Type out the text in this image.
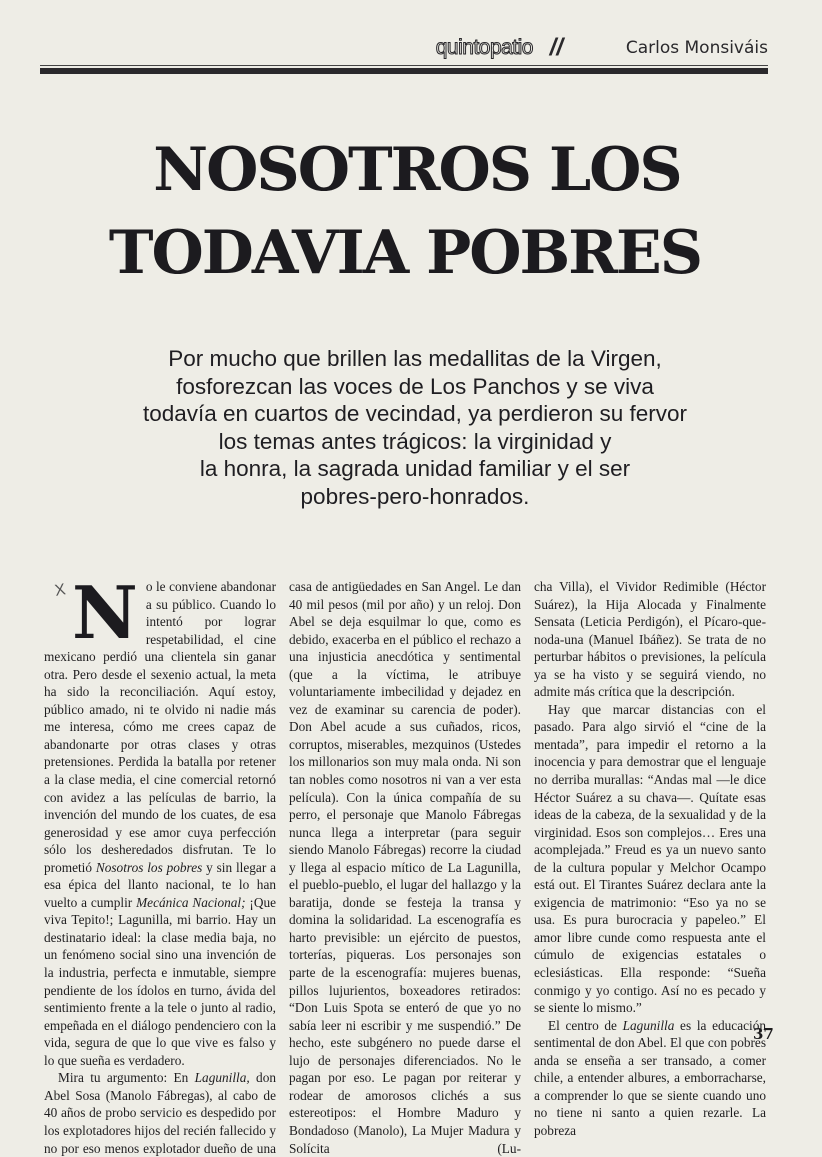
quintopatio //	Carlos Monsiváis
NOSOTROS LOS
TODAVIA POBRES
Por mucho que brillen las medallitas de la Virgen,
fosforezcan las voces de Los Panchos y se viva
todavía en cuartos de vecindad, ya perdieron su fervor
los temas antes trágicos: la virginidad y
la honra, la sagrada unidad familiar y el ser
pobres-pero-honrados.
X N o le conviene abandonar a su público. Cuando lo intentó por lograr respetabilidad, el cine mexicano perdió una clientela sin ganar otra. Pero desde el sexenio actual, la meta ha sido la reconciliación. Aquí estoy, público amado, ni te olvido ni nadie más me interesa, cómo me crees capaz de abandonarte por otras clases y otras pretensiones. Perdida la batalla por retener a la clase media, el cine comercial retornó con avidez a las películas de barrio, la invención del mundo de los cuates, de esa generosidad y ese amor cuya perfección sólo los desheredados disfrutan. Te lo prometió Nosotros los pobres y sin llegar a esa épica del llanto nacional, te lo han vuelto a cumplir Mecánica Nacional; ¡Que viva Tepito!; Lagunilla, mi barrio. Hay un destinatario ideal: la clase media baja, no un fenómeno social sino una invención de la industria, perfecta e inmutable, siempre pendiente de los ídolos en turno, ávida del sentimiento frente a la tele o junto al radio, empeñada en el diálogo pendenciero con la vida, segura de que lo que vive es falso y lo que sueña es verdadero.

Mira tu argumento: En Lagunilla, don Abel Sosa (Manolo Fábregas), al cabo de 40 años de probo servicio es despedido por los explotadores hijos del recién fallecido y no por eso menos explotador dueño de una

casa de antigüedades en San Angel. Le dan 40 mil pesos (mil por año) y un reloj. Don Abel se deja esquilmar lo que, como es debido, exacerba en el público el rechazo a una injusticia anecdótica y sentimental (que a la víctima, le atribuye voluntariamente imbecilidad y dejadez en vez de examinar su carencia de poder). Don Abel acude a sus cuñados, ricos, corruptos, miserables, mezquinos (Ustedes los millonarios son muy mala onda. Ni son tan nobles como nosotros ni van a ver esta película). Con la única compañía de su perro, el personaje que Manolo Fábregas nunca llega a interpretar (para seguir siendo Manolo Fábregas) recorre la ciudad y llega al espacio mítico de La Lagunilla, el pueblo-pueblo, el lugar del hallazgo y la baratija, donde se festeja la transa y domina la solidaridad. La escenografía es harto previsible: un ejército de puestos, torterías, piqueras. Los personajes son parte de la escenografía: mujeres buenas, pillos lujurientos, boxeadores retirados: “Don Luis Spota se enteró de que yo no sabía leer ni escribir y me suspendió.” De hecho, este subgénero no puede darse el lujo de personajes diferenciados. No le pagan por eso. Le pagan por reiterar y rodear de amorosos clichés a sus estereotipos: el Hombre Maduro y Bondadoso (Manolo), La Mujer Madura y Solícita (Lu-

cha Villa), el Vividor Redimible (Héctor Suárez), la Hija Alocada y Finalmente Sensata (Leticia Perdigón), el Pícaro-que-noda-una (Manuel Ibáñez). Se trata de no perturbar hábitos o previsiones, la película ya se ha visto y se seguirá viendo, no admite más crítica que la descripción.

Hay que marcar distancias con el pasado. Para algo sirvió el “cine de la mentada”, para impedir el retorno a la inocencia y para demostrar que el lenguaje no derriba murallas: “Andas mal —le dice Héctor Suárez a su chava—. Quítate esas ideas de la cabeza, de la sexualidad y de la virginidad. Esos son complejos… Eres una acomplejada.” Freud es ya un nuevo santo de la cultura popular y Melchor Ocampo está out. El Tirantes Suárez declara ante la exigencia de matrimonio: “Eso ya no se usa. Es pura burocracia y papeleo.” El amor libre cunde como respuesta ante el cúmulo de exigencias estatales o eclesiásticas. Ella responde: “Sueña conmigo y yo contigo. Así no es pecado y se siente lo mismo.”

El centro de Lagunilla es la educación sentimental de don Abel. El que con pobres anda se enseña a ser transado, a comer chile, a entender albures, a emborracharse, a comprender lo que se siente cuando uno no tiene ni santo a quien rezarle. La pobreza

37
